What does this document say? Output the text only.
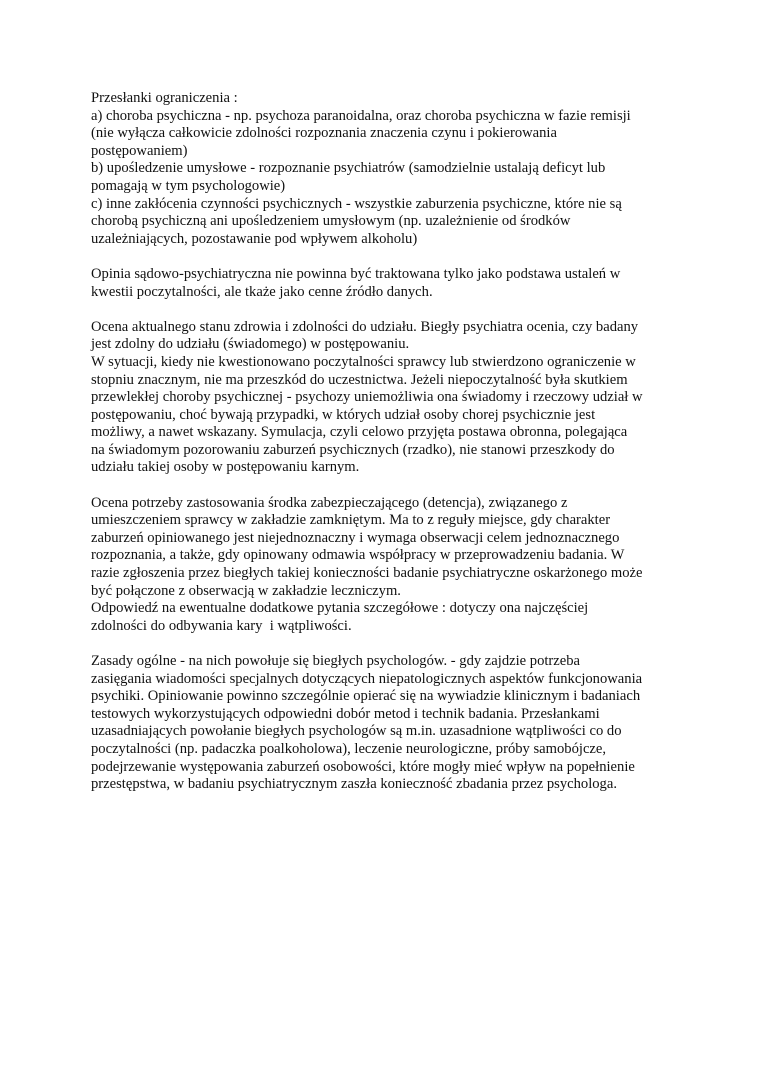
Przesłanki ograniczenia :
a) choroba psychiczna - np. psychoza paranoidalna, oraz choroba psychiczna w fazie remisji
(nie wyłącza całkowicie zdolności rozpoznania znaczenia czynu i pokierowania
postępowaniem)
b) upośledzenie umysłowe - rozpoznanie psychiatrów (samodzielnie ustalają deficyt lub
pomagają w tym psychologowie)
c) inne zakłócenia czynności psychicznych - wszystkie zaburzenia psychiczne, które nie są
chorobą psychiczną ani upośledzeniem umysłowym (np. uzależnienie od środków
uzależniających, pozostawanie pod wpływem alkoholu)
Opinia sądowo-psychiatryczna nie powinna być traktowana tylko jako podstawa ustaleń w
kwestii poczytalności, ale tkaże jako cenne źródło danych.
Ocena aktualnego stanu zdrowia i zdolności do udziału. Biegły psychiatra ocenia, czy badany
jest zdolny do udziału (świadomego) w postępowaniu.
W sytuacji, kiedy nie kwestionowano poczytalności sprawcy lub stwierdzono ograniczenie w
stopniu znacznym, nie ma przeszkód do uczestnictwa. Jeżeli niepoczytalność była skutkiem
przewlekłej choroby psychicznej - psychozy uniemożliwia ona świadomy i rzeczowy udział w
postępowaniu, choć bywają przypadki, w których udział osoby chorej psychicznie jest
możliwy, a nawet wskazany. Symulacja, czyli celowo przyjęta postawa obronna, polegająca
na świadomym pozorowaniu zaburzeń psychicznych (rzadko), nie stanowi przeszkody do
udziału takiej osoby w postępowaniu karnym.
Ocena potrzeby zastosowania środka zabezpieczającego (detencja), związanego z
umieszczeniem sprawcy w zakładzie zamkniętym. Ma to z reguły miejsce, gdy charakter
zaburzeń opiniowanego jest niejednoznaczny i wymaga obserwacji celem jednoznacznego
rozpoznania, a także, gdy opinowany odmawia współpracy w przeprowadzeniu badania. W
razie zgłoszenia przez biegłych takiej konieczności badanie psychiatryczne oskarżonego może
być połączone z obserwacją w zakładzie leczniczym.
Odpowiedź na ewentualne dodatkowe pytania szczegółowe : dotyczy ona najczęściej
zdolności do odbywania kary  i wątpliwości.
Zasady ogólne - na nich powołuje się biegłych psychologów. - gdy zajdzie potrzeba
zasięgania wiadomości specjalnych dotyczących niepatologicznych aspektów funkcjonowania
psychiki. Opiniowanie powinno szczególnie opierać się na wywiadzie klinicznym i badaniach
testowych wykorzystujących odpowiedni dobór metod i technik badania. Przesłankami
uzasadniających powołanie biegłych psychologów są m.in. uzasadnione wątpliwości co do
poczytalności (np. padaczka poalkoholowa), leczenie neurologiczne, próby samobójcze,
podejrzewanie występowania zaburzeń osobowości, które mogły mieć wpływ na popełnienie
przestępstwa, w badaniu psychiatrycznym zaszła konieczność zbadania przez psychologa.
